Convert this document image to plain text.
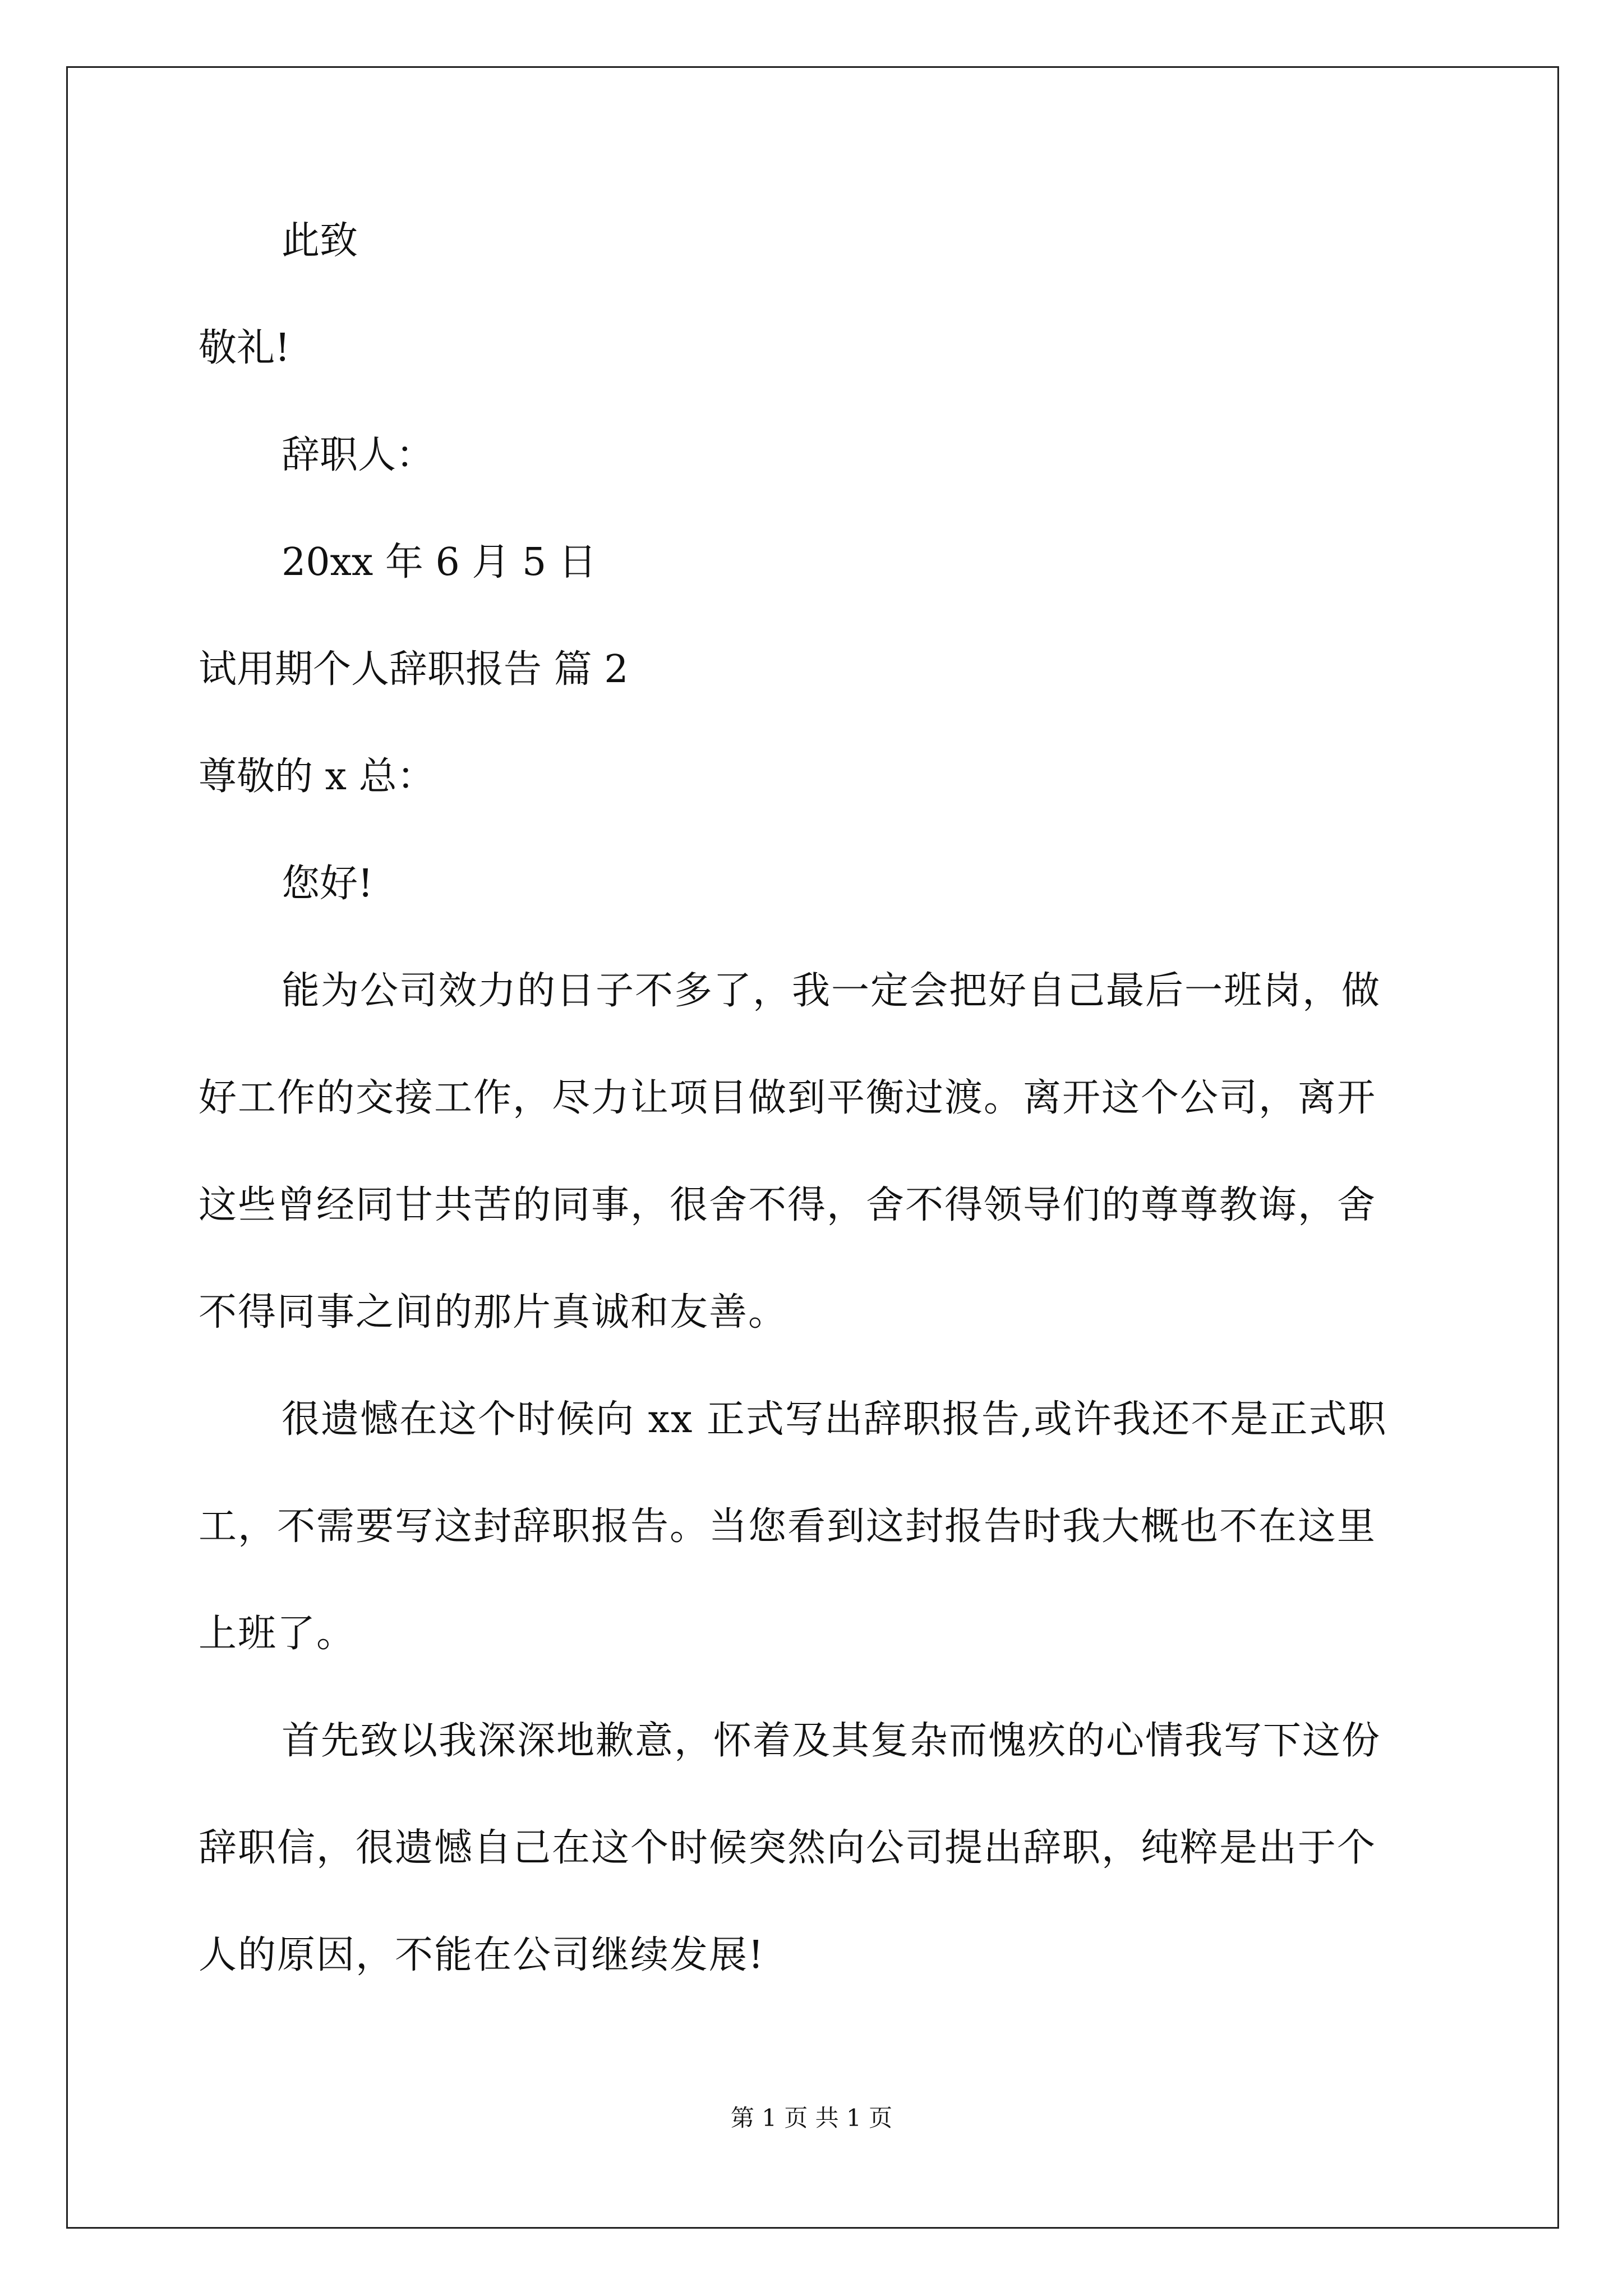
此致

敬礼!

辞职人：

20xx 年 6 月 5 日

试用期个人辞职报告 篇 2

尊敬的 x 总：

您好!

能为公司效力的日子不多了，我一定会把好自己最后一班岗，做

好工作的交接工作，尽力让项目做到平衡过渡。离开这个公司，离开

这些曾经同甘共苦的同事，很舍不得，舍不得领导们的尊尊教诲，舍

不得同事之间的那片真诚和友善。

很遗憾在这个时候向 xx 正式写出辞职报告,或许我还不是正式职

工，不需要写这封辞职报告。当您看到这封报告时我大概也不在这里

上班了。

首先致以我深深地歉意，怀着及其复杂而愧疚的心情我写下这份

辞职信，很遗憾自己在这个时候突然向公司提出辞职，纯粹是出于个

人的原因，不能在公司继续发展!

第 1 页 共 1 页
